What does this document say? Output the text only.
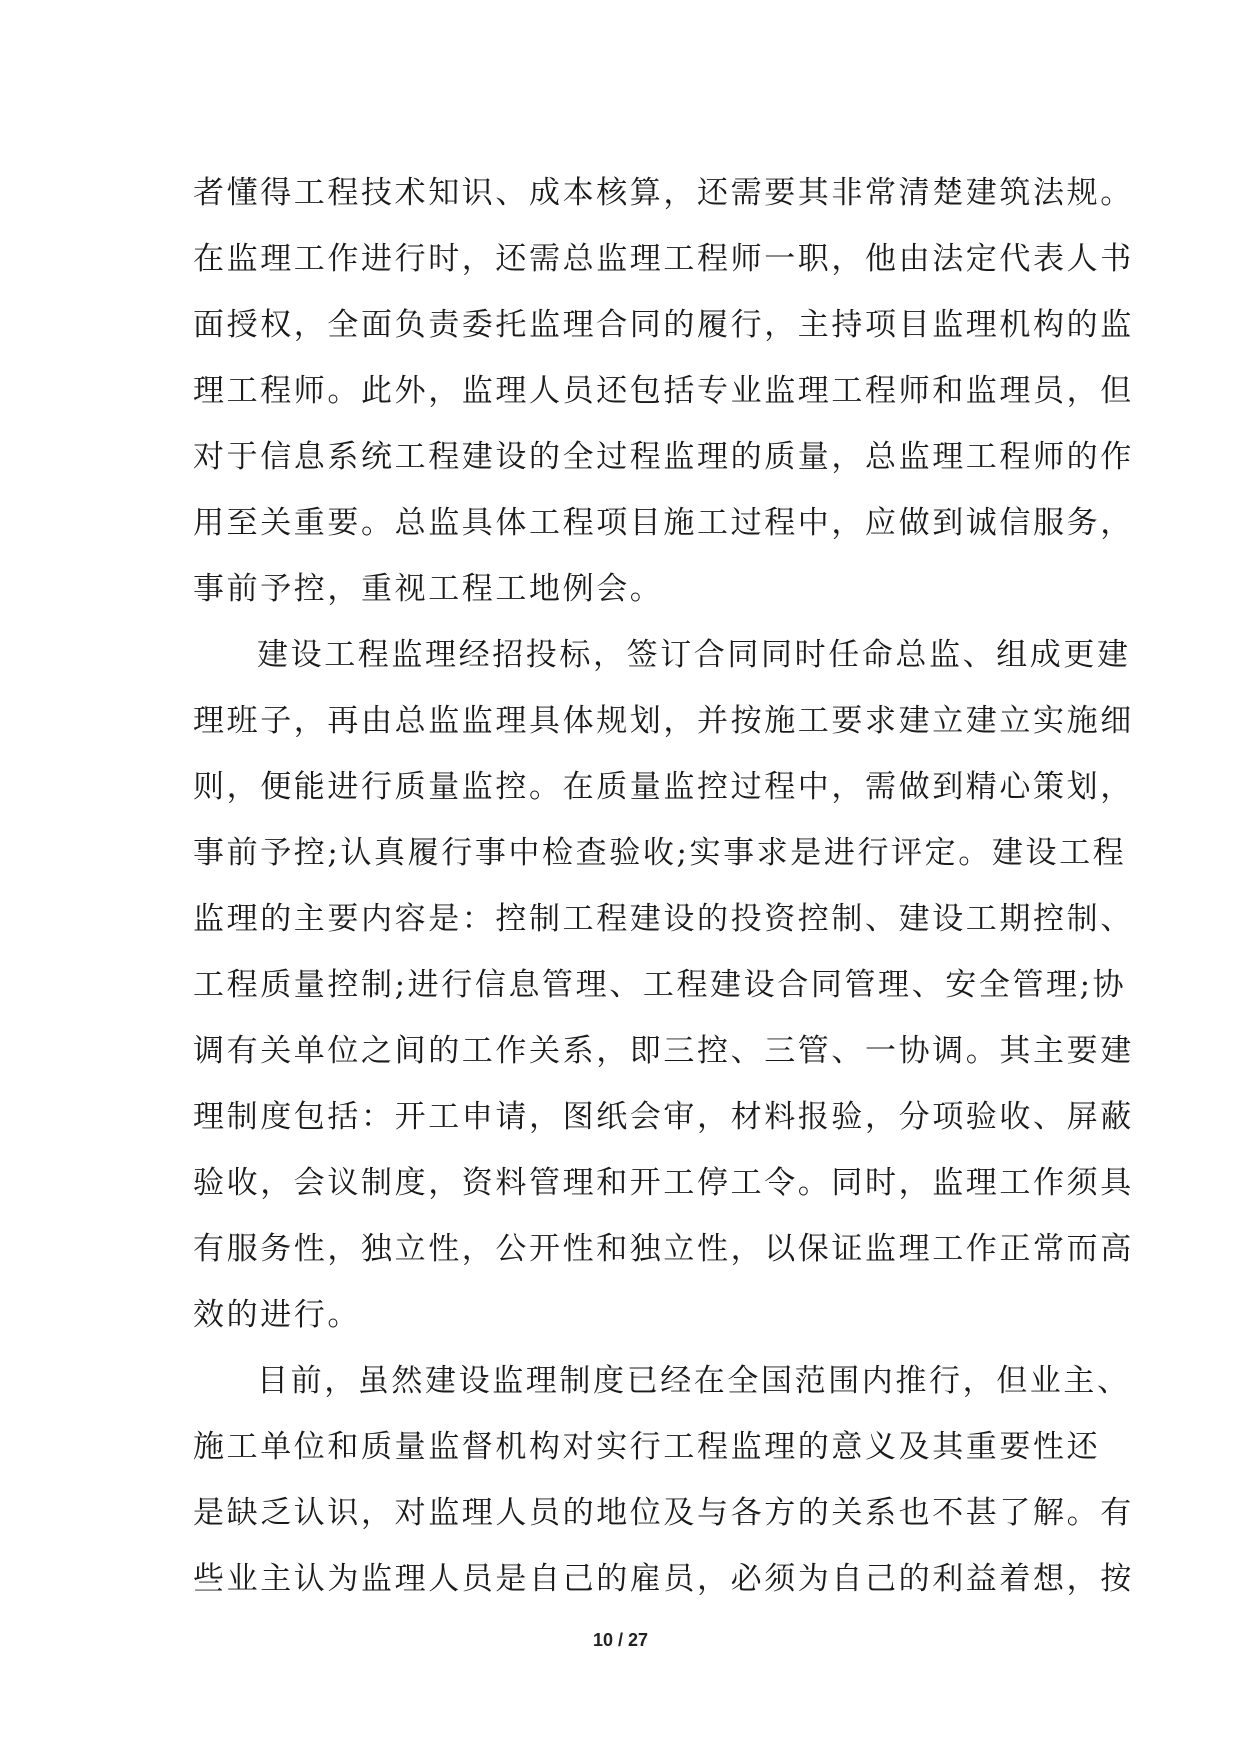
者懂得工程技术知识、成本核算，还需要其非常清楚建筑法规。
在监理工作进行时，还需总监理工程师一职，他由法定代表人书
面授权，全面负责委托监理合同的履行，主持项目监理机构的监
理工程师。此外，监理人员还包括专业监理工程师和监理员，但
对于信息系统工程建设的全过程监理的质量，总监理工程师的作
用至关重要。总监具体工程项目施工过程中，应做到诚信服务，
事前予控，重视工程工地例会。
建设工程监理经招投标，签订合同同时任命总监、组成更建
理班子，再由总监监理具体规划，并按施工要求建立建立实施细
则，便能进行质量监控。在质量监控过程中，需做到精心策划，
事前予控;认真履行事中检查验收;实事求是进行评定。建设工程
监理的主要内容是：控制工程建设的投资控制、建设工期控制、
工程质量控制;进行信息管理、工程建设合同管理、安全管理;协
调有关单位之间的工作关系，即三控、三管、一协调。其主要建
理制度包括：开工申请，图纸会审，材料报验，分项验收、屏蔽
验收，会议制度，资料管理和开工停工令。同时，监理工作须具
有服务性，独立性，公开性和独立性，以保证监理工作正常而高
效的进行。
目前，虽然建设监理制度已经在全国范围内推行，但业主、
施工单位和质量监督机构对实行工程监理的意义及其重要性还
是缺乏认识，对监理人员的地位及与各方的关系也不甚了解。有
些业主认为监理人员是自己的雇员，必须为自己的利益着想，按
10 / 27
